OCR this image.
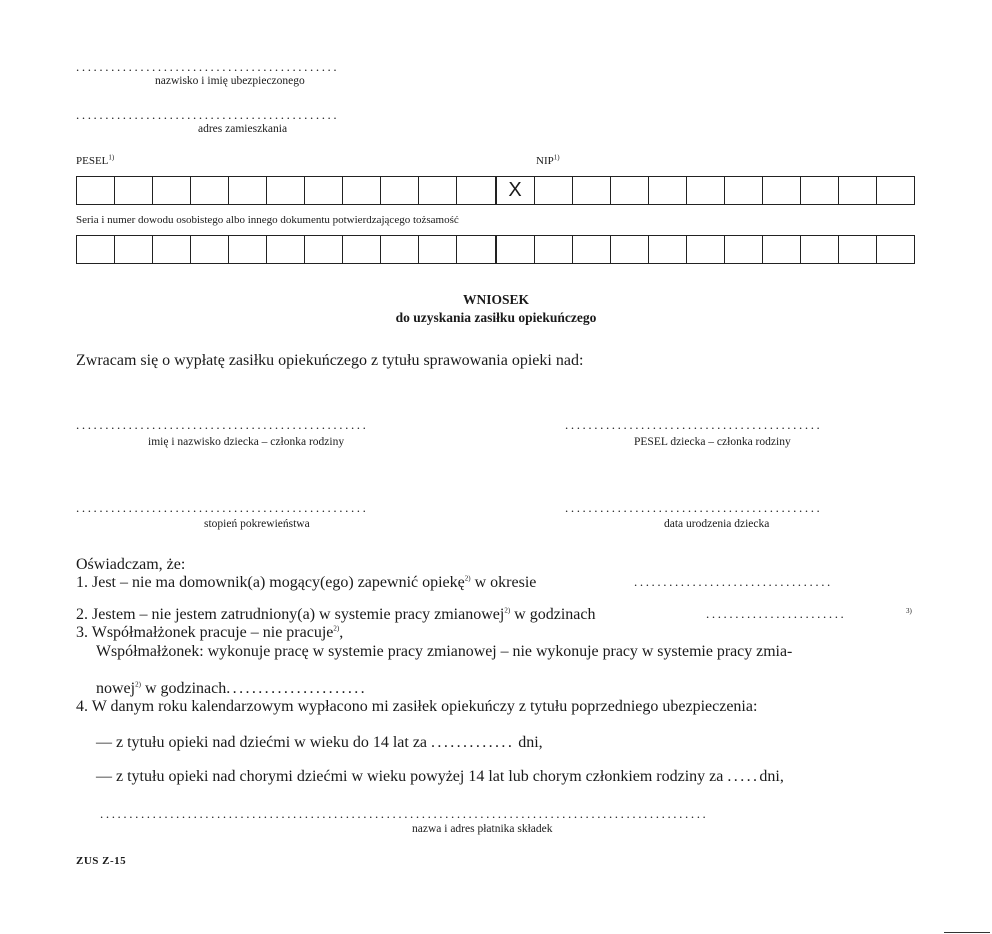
.............................................
nazwisko i imię ubezpieczonego
.............................................
adres zamieszkania
PESEL$^{1)}$	NIP$^{1)}$
X
Seria i numer dowodu osobistego albo innego dokumentu potwierdzającego tożsamość
WNIOSEK
do uzyskania zasiłku opiekuńczego
Zwracam się o wypłatę zasiłku opiekuńczego z tytułu sprawowania opieki nad:
..................................................
imię i nazwisko dziecka – członka rodziny
............................................
PESEL dziecka – członka rodziny
..................................................
stopień pokrewieństwa
............................................
data urodzenia dziecka
Oświadczam, że:
1. Jest – nie ma domownik(a) mogący(ego) zapewnić opiekę$^{2)}$ w okresie	..................................
2. Jestem – nie jestem zatrudniony(a) w systemie pracy zmianowej$^{2)}$ w godzinach	........................	3)
3. Współmałżonek pracuje – nie pracuje$^{2)}$,
Współmałżonek: wykonuje pracę w systemie pracy zmianowej – nie wykonuje pracy w systemie pracy zmia-
nowej$^{2)}$ w godzinach......................
4. W danym roku kalendarzowym wypłacono mi zasiłek opiekuńczy z tytułu poprzedniego ubezpieczenia:
— z tytułu opieki nad dziećmi w wieku do 14 lat za ............. dni,
— z tytułu opieki nad chorymi dziećmi w wieku powyżej 14 lat lub chorym członkiem rodziny za .....dni,
........................................................................................................
nazwa i adres płatnika składek
ZUS Z-15
